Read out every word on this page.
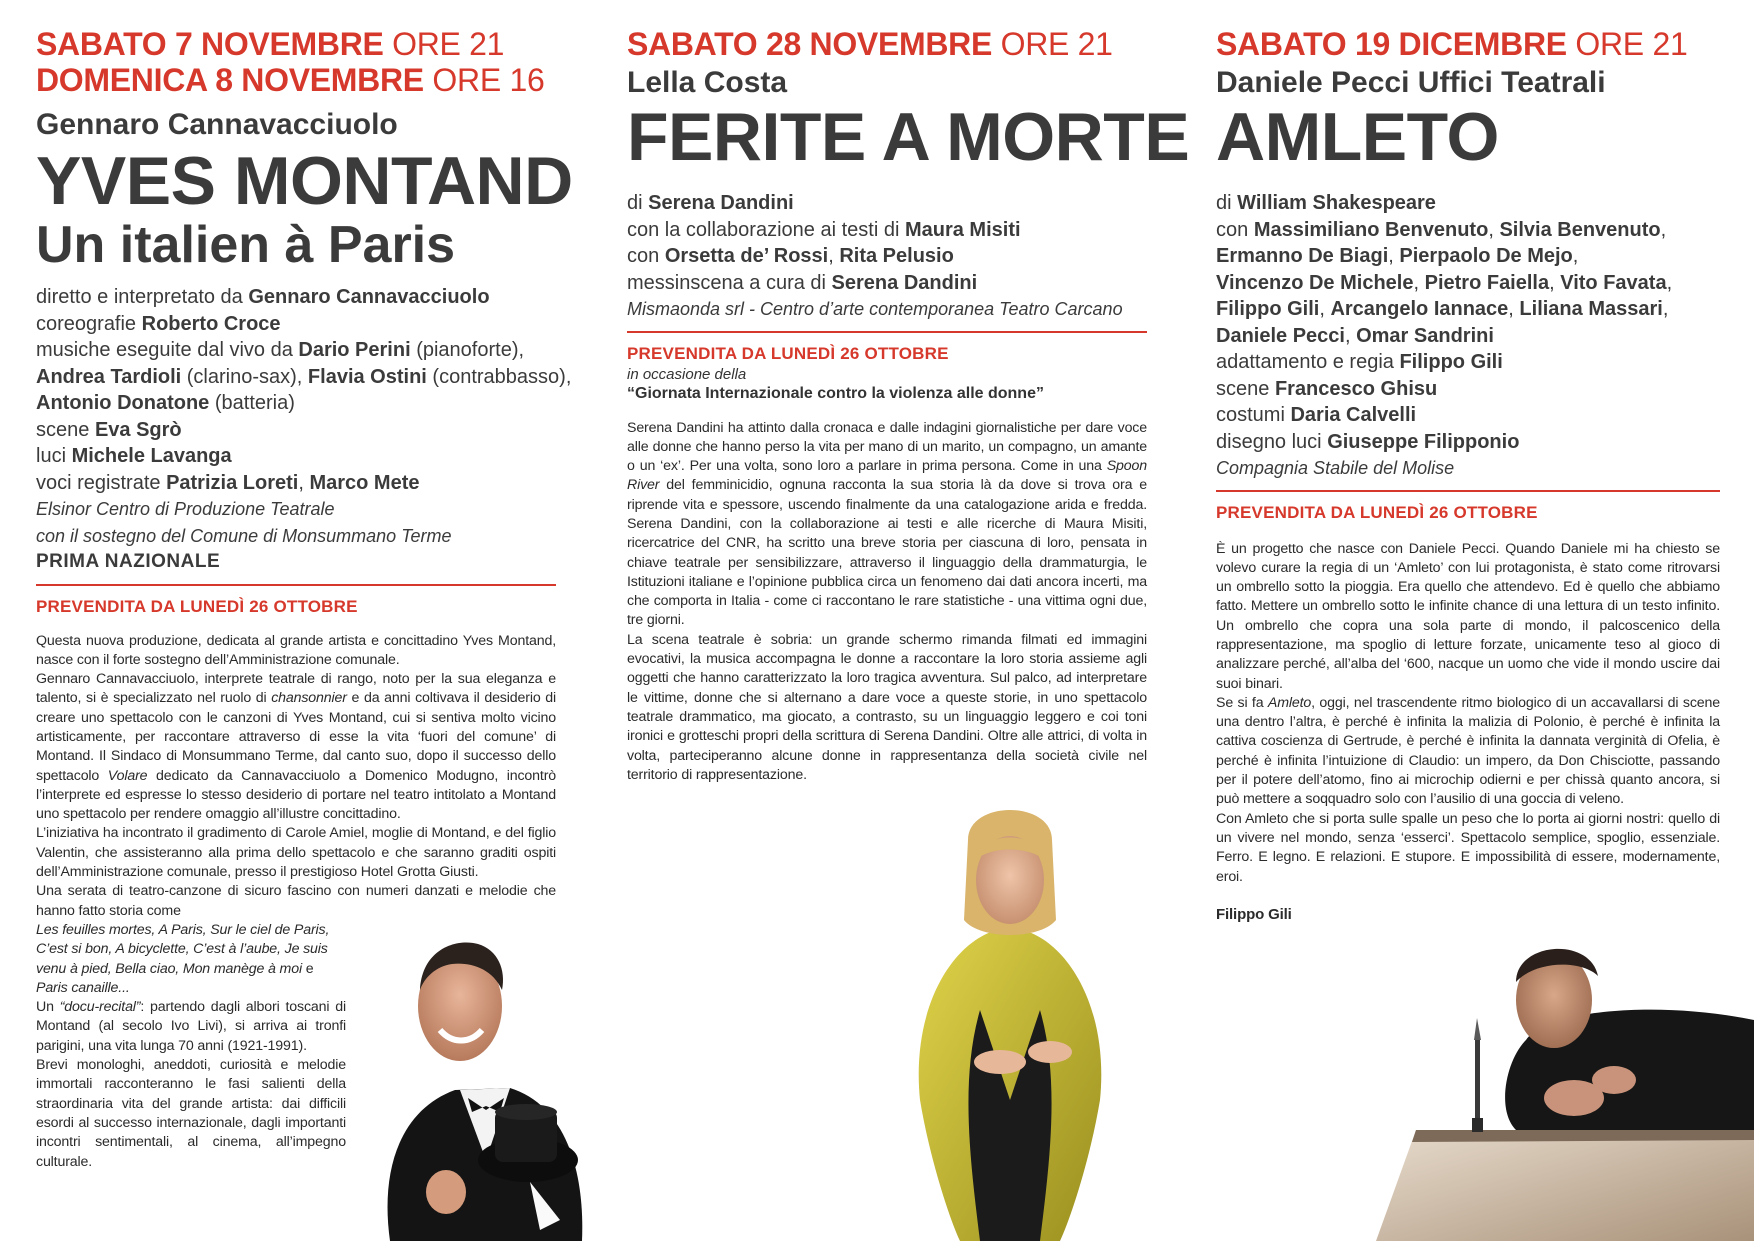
SABATO 7 NOVEMBRE ORE 21
DOMENICA 8 NOVEMBRE ORE 16
Gennaro Cannavacciuolo
YVES MONTAND
Un italien à Paris
diretto e interpretato da Gennaro Cannavacciuolo
coreografie Roberto Croce
musiche eseguite dal vivo da Dario Perini (pianoforte),
Andrea Tardioli (clarino-sax), Flavia Ostini (contrabbasso),
Antonio Donatone (batteria)
scene Eva Sgrò
luci Michele Lavanga
voci registrate Patrizia Loreti, Marco Mete
Elsinor Centro di Produzione Teatrale
con il sostegno del Comune di Monsummano Terme
PRIMA NAZIONALE
PREVENDITA DA LUNEDÌ 26 OTTOBRE

Questa nuova produzione, dedicata al grande artista e concittadino Yves Montand, nasce con il forte sostegno dell’Amministrazione comunale.

Gennaro Cannavacciuolo, interprete teatrale di rango, noto per la sua eleganza e talento, si è specializzato nel ruolo di chansonnier e da anni coltivava il desiderio di creare uno spettacolo con le canzoni di Yves Montand, cui si sentiva molto vicino artisticamente, per raccontare attraverso di esse la vita ‘fuori del comune’ di Montand. Il Sindaco di Monsummano Terme, dal canto suo, dopo il successo dello spettacolo Volare dedicato da Cannavacciuolo a Domenico Modugno, incontrò l’interprete ed espresse lo stesso desiderio di portare nel teatro intitolato a Montand uno spettacolo per rendere omaggio all’illustre concittadino.

L’iniziativa ha incontrato il gradimento di Carole Amiel, moglie di Montand, e del figlio Valentin, che assisteranno alla prima dello spettacolo e che saranno graditi ospiti dell’Amministrazione comunale, presso il prestigioso Hotel Grotta Giusti.

Una serata di teatro-canzone di sicuro fascino con numeri danzati e melodie che hanno fatto storia come

Les feuilles mortes, A Paris, Sur le ciel de Paris, C’est si bon, A bicyclette, C’est à l’aube, Je suis venu à pied, Bella ciao, Mon manège à moi e Paris canaille...

Un “docu-recital”: partendo dagli albori toscani di Montand (al secolo Ivo Livi), si arriva ai tronfi parigini, una vita lunga 70 anni (1921-1991).

Brevi monologhi, aneddoti, curiosità e melodie immortali racconteranno le fasi salienti della straordinaria vita del grande artista: dai difficili esordi al successo internazionale, dagli importanti incontri sentimentali, al cinema, all’impegno culturale.

SABATO 28 NOVEMBRE ORE 21
Lella Costa
FERITE A MORTE
di Serena Dandini
con la collaborazione ai testi di Maura Misiti
con Orsetta de’ Rossi, Rita Pelusio
messinscena a cura di Serena Dandini
Mismaonda srl - Centro d’arte contemporanea Teatro Carcano
PREVENDITA DA LUNEDÌ 26 OTTOBRE
in occasione della
“Giornata Internazionale contro la violenza alle donne”

Serena Dandini ha attinto dalla cronaca e dalle indagini giornalistiche per dare voce alle donne che hanno perso la vita per mano di un marito, un compagno, un amante o un ‘ex’. Per una volta, sono loro a parlare in prima persona. Come in una Spoon River del femminicidio, ognuna racconta la sua storia là da dove si trova ora e riprende vita e spessore, uscendo finalmente da una catalogazione arida e fredda. Serena Dandini, con la collaborazione ai testi e alle ricerche di Maura Misiti, ricercatrice del CNR, ha scritto una breve storia per ciascuna di loro, pensata in chiave teatrale per sensibilizzare, attraverso il linguaggio della drammaturgia, le Istituzioni italiane e l’opinione pubblica circa un fenomeno dai dati ancora incerti, ma che comporta in Italia - come ci raccontano le rare statistiche - una vittima ogni due, tre giorni.

La scena teatrale è sobria: un grande schermo rimanda filmati ed immagini evocativi, la musica accompagna le donne a raccontare la loro storia assieme agli oggetti che hanno caratterizzato la loro tragica avventura. Sul palco, ad interpretare le vittime, donne che si alternano a dare voce a queste storie, in uno spettacolo teatrale drammatico, ma giocato, a contrasto, su un linguaggio leggero e coi toni ironici e grotteschi propri della scrittura di Serena Dandini. Oltre alle attrici, di volta in volta, parteciperanno alcune donne in rappresentanza della società civile nel territorio di rappresentazione.

SABATO 19 DICEMBRE ORE 21
Daniele Pecci Uffici Teatrali
AMLETO
di William Shakespeare
con Massimiliano Benvenuto, Silvia Benvenuto,
Ermanno De Biagi, Pierpaolo De Mejo,
Vincenzo De Michele, Pietro Faiella, Vito Favata,
Filippo Gili, Arcangelo Iannace, Liliana Massari,
Daniele Pecci, Omar Sandrini
adattamento e regia Filippo Gili
scene Francesco Ghisu
costumi Daria Calvelli
disegno luci Giuseppe Filipponio
Compagnia Stabile del Molise
PREVENDITA DA LUNEDÌ 26 OTTOBRE

È un progetto che nasce con Daniele Pecci. Quando Daniele mi ha chiesto se volevo curare la regia di un ‘Amleto’ con lui protagonista, è stato come ritrovarsi un ombrello sotto la pioggia. Era quello che attendevo. Ed è quello che abbiamo fatto. Mettere un ombrello sotto le infinite chance di una lettura di un testo infinito. Un ombrello che copra una sola parte di mondo, il palcoscenico della rappresentazione, ma spoglio di letture forzate, unicamente teso al gioco di analizzare perché, all’alba del ‘600, nacque un uomo che vide il mondo uscire dai suoi binari.

Se si fa Amleto, oggi, nel trascendente ritmo biologico di un accavallarsi di scene una dentro l’altra, è perché è infinita la malizia di Polonio, è perché è infinita la cattiva coscienza di Gertrude, è perché è infinita la dannata verginità di Ofelia, è perché è infinita l’intuizione di Claudio: un impero, da Don Chisciotte, passando per il potere dell’atomo, fino ai microchip odierni e per chissà quanto ancora, si può mettere a soqquadro solo con l’ausilio di una goccia di veleno.

Con Amleto che si porta sulle spalle un peso che lo porta ai giorni nostri: quello di un vivere nel mondo, senza ‘esserci’. Spettacolo semplice, spoglio, essenziale. Ferro. E legno. E relazioni. E stupore. E impossibilità di essere, modernamente, eroi.

Filippo Gili
